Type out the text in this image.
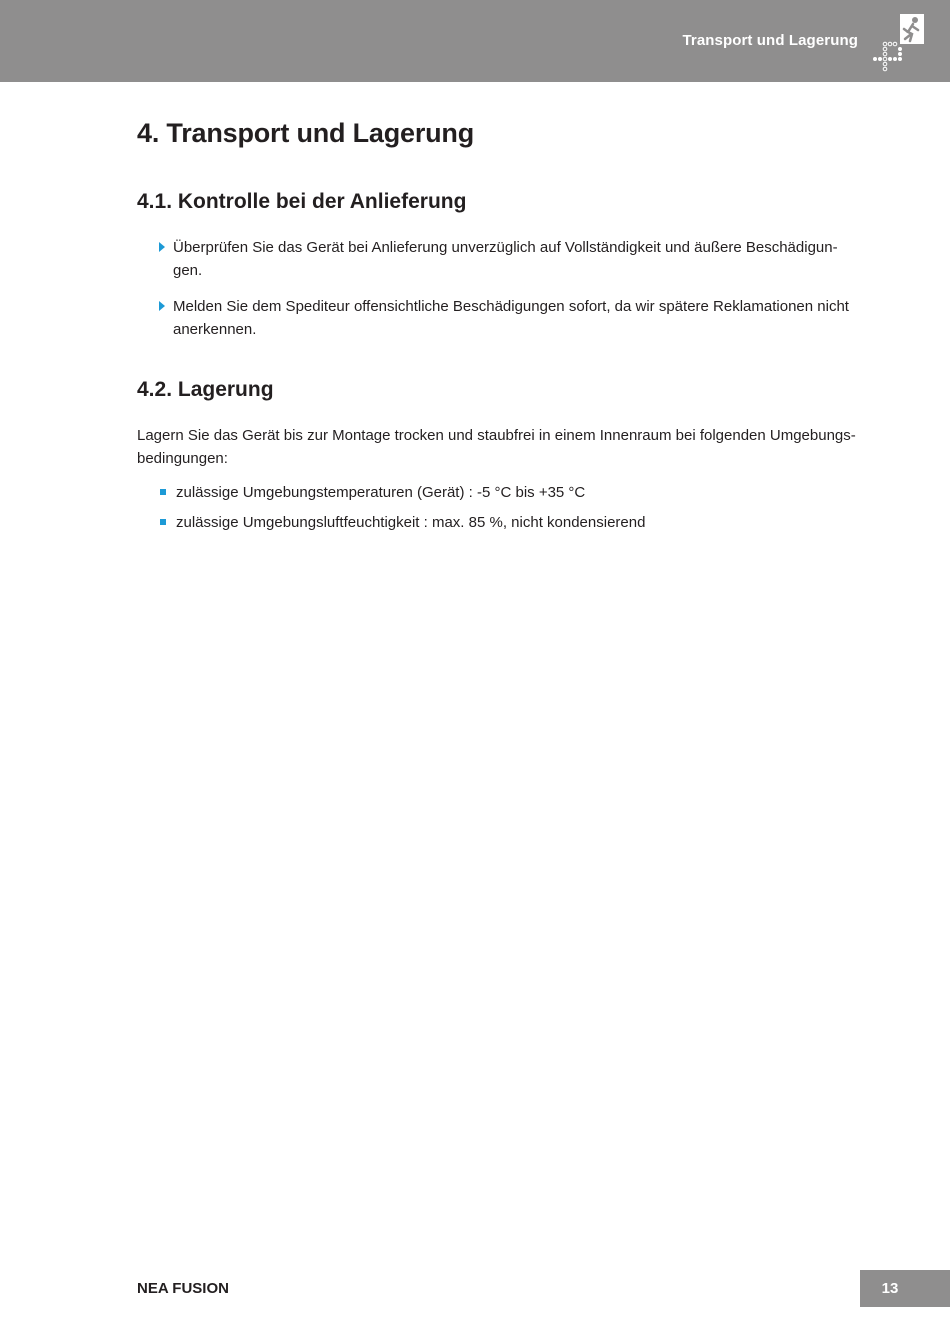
Transport und Lagerung
4. Transport und Lagerung
4.1. Kontrolle bei der Anlieferung
Überprüfen Sie das Gerät bei Anlieferung unverzüglich auf Vollständigkeit und äußere Beschädigun-gen.
Melden Sie dem Spediteur offensichtliche Beschädigungen sofort, da wir spätere Reklamationen nicht anerkennen.
4.2. Lagerung

Lagern Sie das Gerät bis zur Montage trocken und staubfrei in einem Innenraum bei folgenden Umgebungs-bedingungen:

zulässige Umgebungstemperaturen (Gerät) : -5 °C bis +35 °C
zulässige Umgebungsluftfeuchtigkeit : max. 85 %, nicht kondensierend
NEA FUSION	13
